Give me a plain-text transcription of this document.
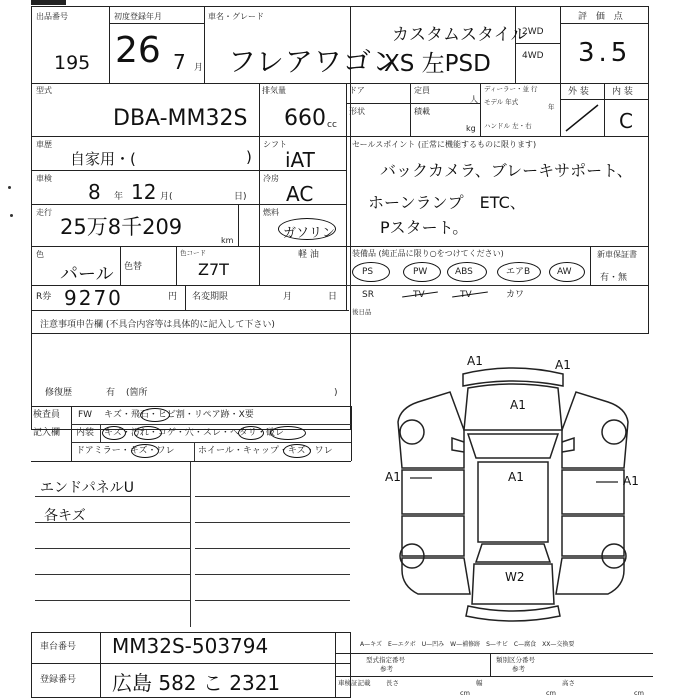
出品番号
195
初度登録年月
26 7 月
車名・グレード
フレアワゴン
カスタムスタイル
XS 左PSD
2WD
4WD
評 価 点
3.5
外 装	内 装
C
型式
DBA-MM32S
排気量
660 cc
ドア	定員
人
形状	積載
kg
ディーラー・並 行
モデル 年式
年
ハンドル 左・右
車歴
自家用・(	)
車検
8 年 12 月(	日)
走行
25万8千209
km
色
パール 色替
色コード
Z7T
シフト
iAT
冷房
AC
燃料
ガソリン
軽 油
R券 9270	円 名変期限	月	日
セールスポイント (正常に機能するものに限ります)
バックカメラ、ブレーキサポート、
ホーンランプ　ETC、
Pスタート。
装備品 (純正品に限り○をつけてください)
PS	PW	ABS	エアB	AW
SR	TV	TV	カワ
新車保証書
有・無
後日品
注意事項申告欄 (不具合内容等は具体的に記入して下さい)
修復歴	有 (箇所	)
検査員
記入欄
FW キズ・飛石・ヒビ割・リペア跡・X要
内装 キズ・汚れ・コゲ・穴・スレ・ヘタリ・破レ
ドアミラー・キズ・ワレ	ホイール・キャップ・キズ・ワレ
エンドパネルU
各キズ
A1	A1
A1
A1	A1	A1
W2
A—キズ　E—エクボ　U—凹み　W—補修跡　S—サビ　C—腐食　XX—交換要
車台番号 MM32S-503794
登録番号 広島 582 こ 2321
型式指定番号
参考
類別区分番号
参考
車検証記載 長さ
cm
幅
cm
高さ
cm
